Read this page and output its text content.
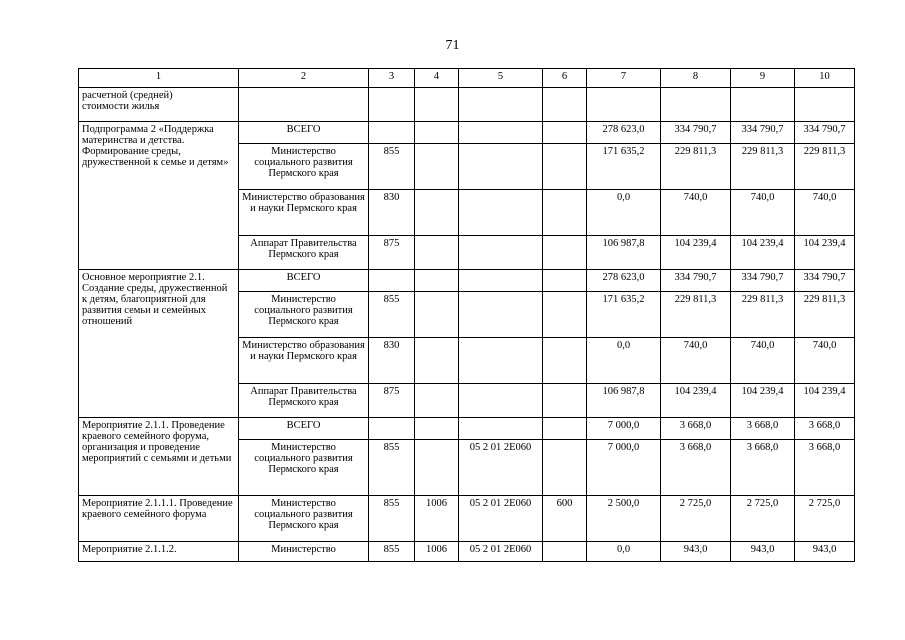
71
1	2	3	4	5	6	7	8	9	10
расчетной (средней)
стоимости жилья									
Подпрограмма 2 «Поддержка материнства и детства. Формирование среды, дружественной к семье и детям»	ВСЕГО					278 623,0	334 790,7	334 790,7	334 790,7
	Министерство социального развития Пермского края	855				171 635,2	229 811,3	229 811,3	229 811,3
	Министерство образования и науки Пермского края	830				0,0	740,0	740,0	740,0
	Аппарат Правительства Пермского края	875				106 987,8	104 239,4	104 239,4	104 239,4
Основное мероприятие 2.1. Создание среды, дружественной к детям, благоприятной для развития семьи и семейных отношений	ВСЕГО					278 623,0	334 790,7	334 790,7	334 790,7
	Министерство социального развития Пермского края	855				171 635,2	229 811,3	229 811,3	229 811,3
	Министерство образования и науки Пермского края	830				0,0	740,0	740,0	740,0
	Аппарат Правительства Пермского края	875				106 987,8	104 239,4	104 239,4	104 239,4
Мероприятие 2.1.1. Проведение краевого семейного форума, организация и проведение мероприятий с семьями и детьми	ВСЕГО					7 000,0	3 668,0	3 668,0	3 668,0
	Министерство социального развития Пермского края	855		05 2 01 2Е060		7 000,0	3 668,0	3 668,0	3 668,0
Мероприятие 2.1.1.1. Проведение краевого семейного форума	Министерство социального развития Пермского края	855	1006	05 2 01 2Е060	600	2 500,0	2 725,0	2 725,0	2 725,0
Мероприятие 2.1.1.2.	Министерство	855	1006	05 2 01 2Е060		0,0	943,0	943,0	943,0
